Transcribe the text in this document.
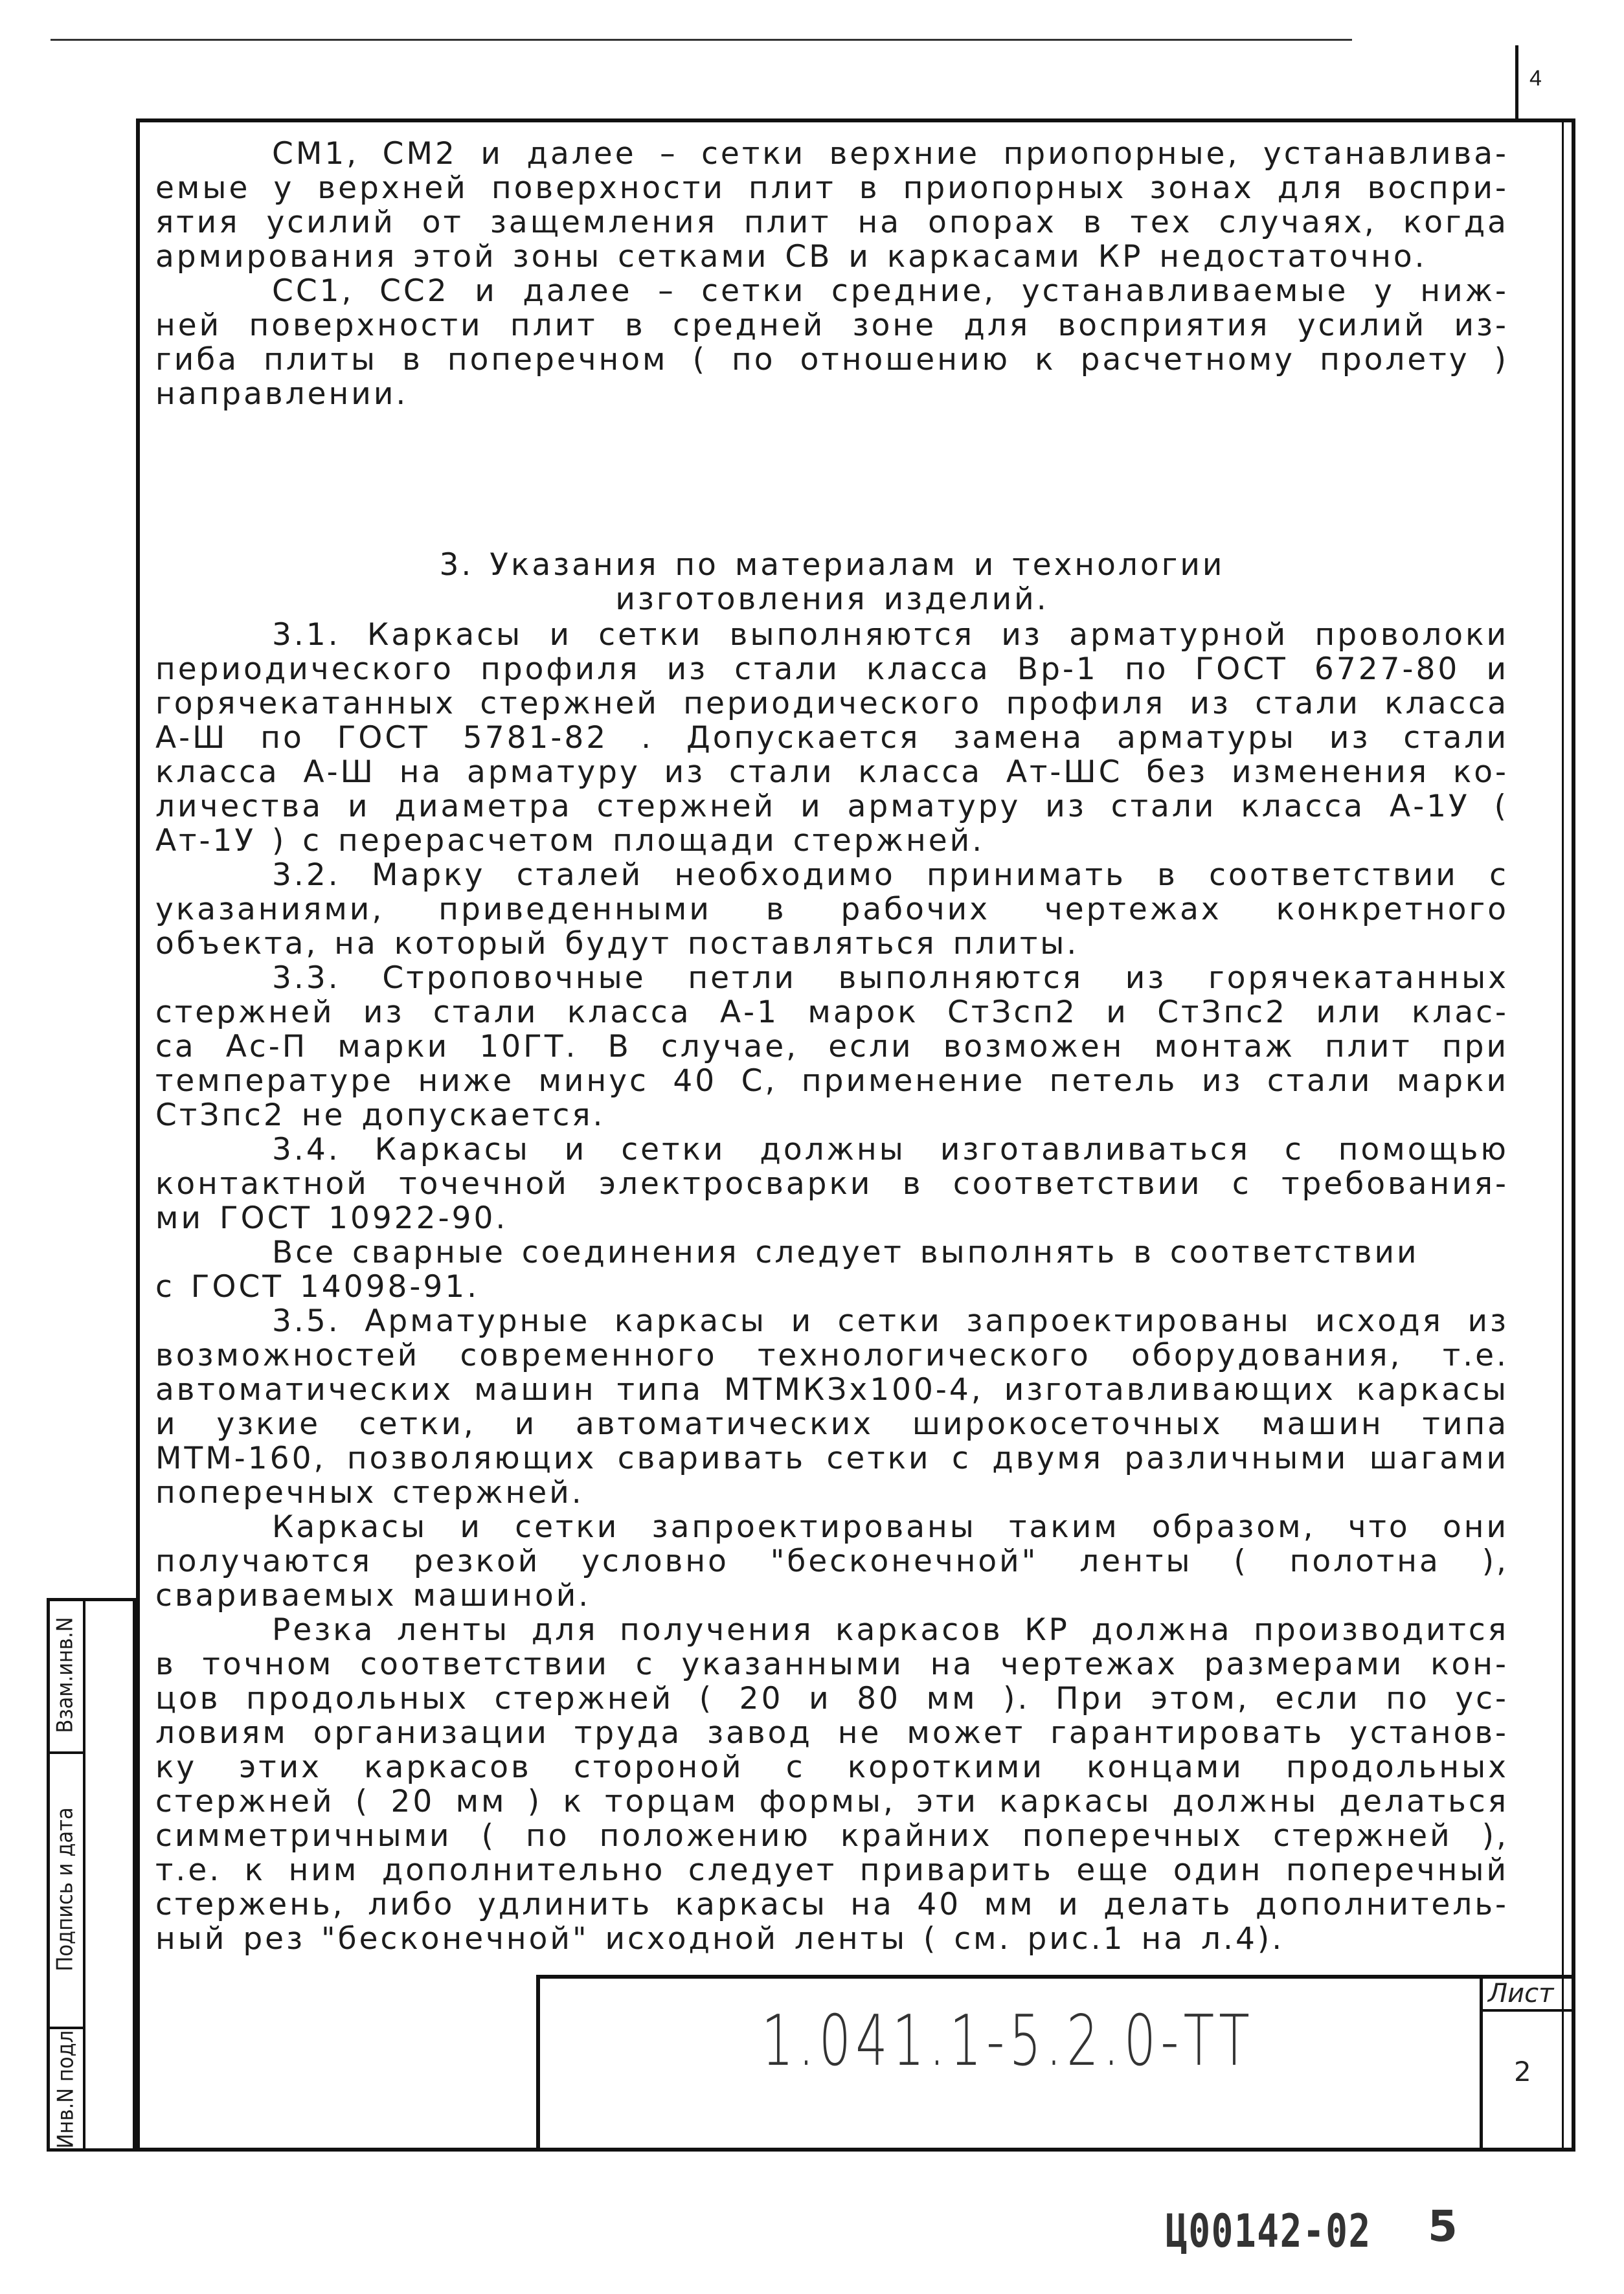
4
Взам.инв.N
Подпись и дата
Инв.N подл
СМ1, СМ2 и далее – сетки верхние приопорные, устанавлива-
емые у верхней поверхности плит в приопорных зонах для воспри-
ятия усилий от защемления плит на опорах в тех случаях, когда
армирования этой зоны сетками СВ и каркасами КР недостаточно.
СС1, СС2 и далее – сетки средние, устанавливаемые у ниж-
ней поверхности плит в средней зоне для восприятия усилий из-
гиба плиты в поперечном ( по отношению к расчетному пролету )
направлении.
3. Указания по материалам и технологии
изготовления изделий.
3.1. Каркасы и сетки выполняются из арматурной проволоки
периодического профиля из стали класса Вр-1 по ГОСТ 6727-80 и
горячекатанных стержней периодического профиля из стали класса
А-Ш по ГОСТ 5781-82 . Допускается замена арматуры из стали
класса А-Ш на арматуру из стали класса Ат-ШС без изменения ко-
личества и диаметра стержней и арматуру из стали класса А-1У (
Ат-1У ) с перерасчетом площади стержней.
3.2. Марку сталей необходимо принимать в соответствии с
указаниями, приведенными в рабочих чертежах конкретного
объекта, на который будут поставляться плиты.
3.3. Строповочные петли выполняются из горячекатанных
стержней из стали класса А-1 марок СтЗсп2 и СтЗпс2 или клас-
са Ас-П марки 10ГТ. В случае, если возможен монтаж плит при
температуре ниже минус 40 С, применение петель из стали марки
СтЗпс2 не допускается.
3.4. Каркасы и сетки должны изготавливаться с помощью
контактной точечной электросварки в соответствии с требования-
ми ГОСТ 10922-90.
Все сварные соединения следует выполнять в соответствии
с ГОСТ 14098-91.
3.5. Арматурные каркасы и сетки запроектированы исходя из
возможностей современного технологического оборудования, т.е.
автоматических машин типа МТМКЗх100-4, изготавливающих каркасы
и узкие сетки, и автоматических широкосеточных машин типа
МТМ-160, позволяющих сваривать сетки с двумя различными шагами
поперечных стержней.
Каркасы и сетки запроектированы таким образом, что они
получаются резкой условно "бесконечной" ленты ( полотна ),
свариваемых машиной.
Резка ленты для получения каркасов КР должна производится
в точном соответствии с указанными на чертежах размерами кон-
цов продольных стержней ( 20 и 80 мм ). При этом, если по ус-
ловиям организации труда завод не может гарантировать установ-
ку этих каркасов стороной с короткими концами продольных
стержней ( 20 мм ) к торцам формы, эти каркасы должны делаться
симметричными ( по положению крайних поперечных стержней ),
т.е. к ним дополнительно следует приварить еще один поперечный
стержень, либо удлинить каркасы на 40 мм и делать дополнитель-
ный рез "бесконечной" исходной ленты ( см. рис.1 на л.4).
1.041.1-5.2.0-ТТ
Лист
2
Ц00142-02 5
